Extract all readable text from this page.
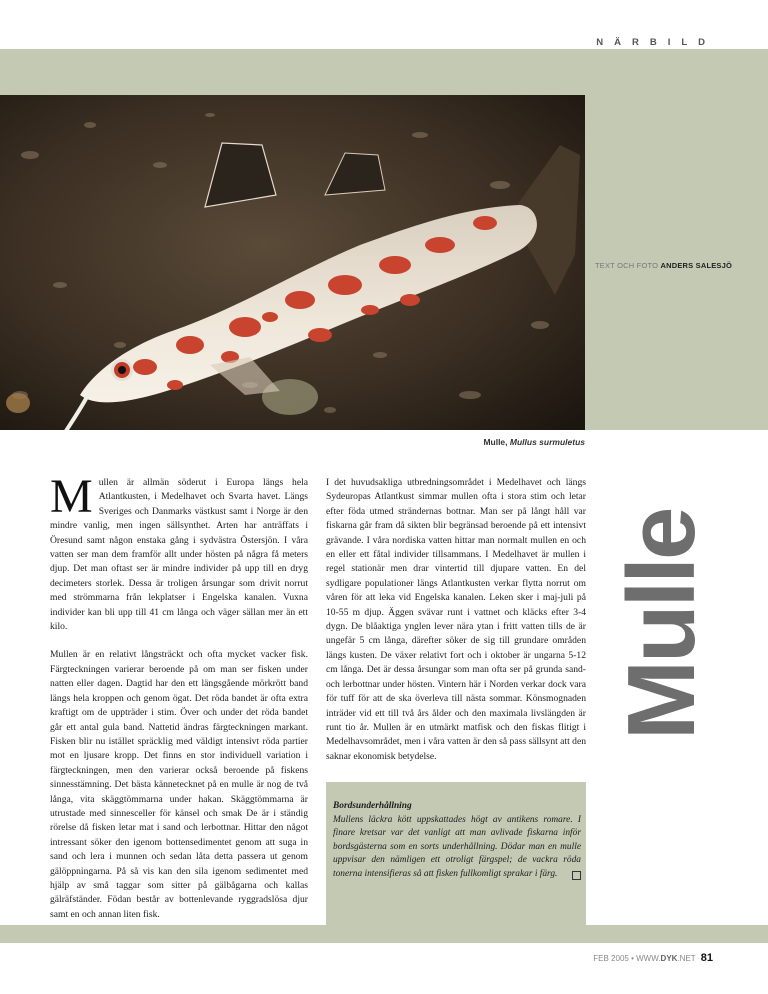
NÄRBILD
TEXT OCH FOTO ANDERS SALESJÖ
Mulle, Mullus surmuletus

Mullen är allmän söderut i Europa längs hela Atlantkusten, i Medelhavet och Svarta havet. Längs Sveriges och Danmarks västkust samt i Norge är den mindre vanlig, men ingen sällsynthet. Arten har anträffats i Öresund samt någon enstaka gång i sydvästra Östersjön. I våra vatten ser man dem framför allt under hösten på några få meters djup. Det man oftast ser är mindre individer på upp till en dryg decimeters storlek. Dessa är troligen årsungar som drivit norrut med strömmarna från lekplatser i Engelska kanalen. Vuxna individer kan bli upp till 41 cm långa och väger sällan mer än ett kilo.

Mullen är en relativt långsträckt och ofta mycket vacker fisk. Färgteckningen varierar beroende på om man ser fisken under natten eller dagen. Dagtid har den ett längsgående mörkrött band längs hela kroppen och genom ögat. Det röda bandet är ofta extra kraftigt om de uppträder i stim. Över och under det röda bandet går ett antal gula band. Nattetid ändras färgteckningen markant. Fisken blir nu istället spräcklig med väldigt intensivt röda partier mot en ljusare kropp. Det finns en stor individuell variation i färgteckningen, men den varierar också beroende på fiskens sinnesstämning. Det bästa kännetecknet på en mulle är nog de två långa, vita skäggtömmarna under hakan. Skäggtömmarna är utrustade med sinnesceller för känsel och smak De är i ständig rörelse då fisken letar mat i sand och lerbottnar. Hittar den något intressant söker den igenom bottensedimentet genom att suga in sand och lera i munnen och sedan låta detta passera ut genom gälöppningarna. På så vis kan den sila igenom sedimentet med hjälp av små taggar som sitter på gälbågarna och kallas gälräfständer. Födan består av bottenlevande ryggradslösa djur samt en och annan liten fisk.

I det huvudsakliga utbredningsområdet i Medelhavet och längs Sydeuropas Atlantkust simmar mullen ofta i stora stim och letar efter föda utmed strändernas bottnar. Man ser på långt håll var fiskarna går fram då sikten blir begränsad beroende på ett intensivt grävande. I våra nordiska vatten hittar man normalt mullen en och en eller ett fåtal individer tillsammans. I Medelhavet är mullen i regel stationär men drar vintertid till djupare vatten. En del sydligare populationer längs Atlantkusten verkar flytta norrut om våren för att leka vid Engelska kanalen. Leken sker i maj-juli på 10-55 m djup. Äggen svävar runt i vattnet och kläcks efter 3-4 dygn. De blåaktiga ynglen lever nära ytan i fritt vatten tills de är ungefär 5 cm långa, därefter söker de sig till grundare områden längs kusten. De växer relativt fort och i oktober är ungarna 5-12 cm långa. Det är dessa årsungar som man ofta ser på grunda sand- och lerbottnar under hösten. Vintern här i Norden verkar dock vara för tuff för att de ska överleva till nästa sommar. Könsmognaden inträder vid ett till två års ålder och den maximala livslängden är runt tio år. Mullen är en utmärkt matfisk och den fiskas flitigt i Medelhavsområdet, men i våra vatten är den så pass sällsynt att den saknar ekonomisk betydelse.

Mulle
Bordsunderhållning
Mullens läckra kött uppskattades högt av antikens romare. I finare kretsar var det vanligt att man avlivade fiskarna inför bordsgästerna som en sorts underhållning. Dödar man en mulle uppvisar den nämligen ett otroligt färgspel; de vackra röda tonerna intensifieras så att fisken fullkomligt sprakar i färg.
FEB 2005 • WWW.DYK.NET 81
